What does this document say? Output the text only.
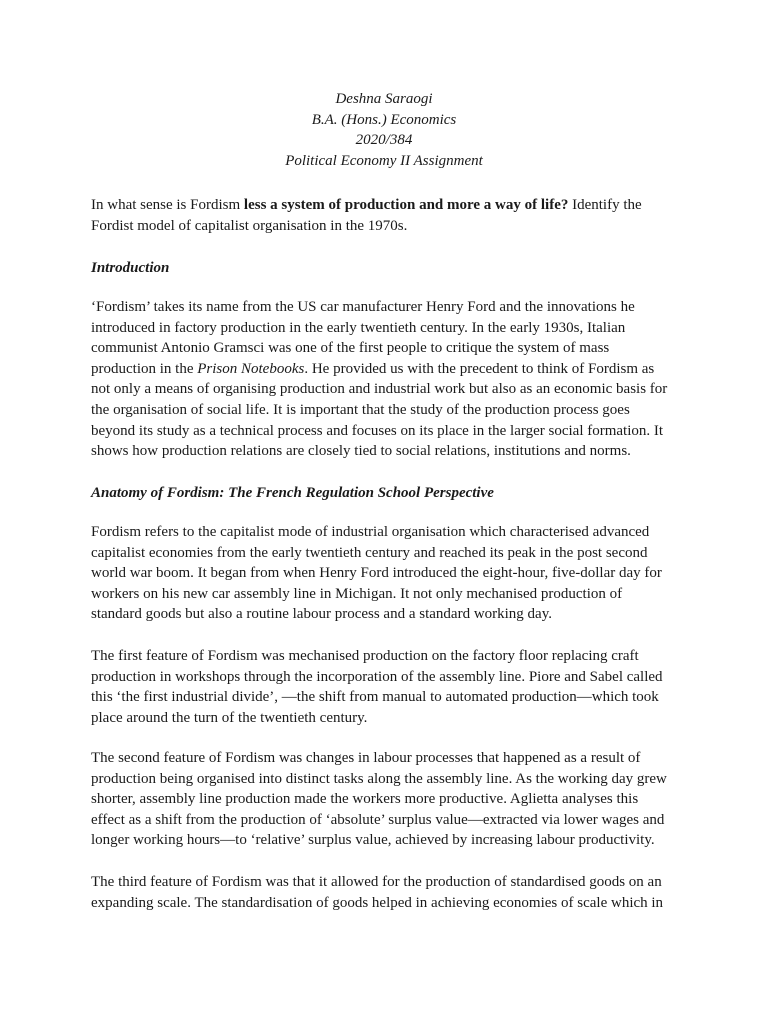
Deshna Saraogi
B.A. (Hons.) Economics
2020/384
Political Economy II Assignment

In what sense is Fordism less a system of production and more a way of life? Identify the
Fordist model of capitalist organisation in the 1970s.

Introduction

‘Fordism’ takes its name from the US car manufacturer Henry Ford and the innovations he
introduced in factory production in the early twentieth century. In the early 1930s, Italian
communist Antonio Gramsci was one of the first people to critique the system of mass
production in the Prison Notebooks. He provided us with the precedent to think of Fordism as
not only a means of organising production and industrial work but also as an economic basis for
the organisation of social life. It is important that the study of the production process goes
beyond its study as a technical process and focuses on its place in the larger social formation. It
shows how production relations are closely tied to social relations, institutions and norms.

Anatomy of Fordism: The French Regulation School Perspective

Fordism refers to the capitalist mode of industrial organisation which characterised advanced
capitalist economies from the early twentieth century and reached its peak in the post second
world war boom. It began from when Henry Ford introduced the eight-hour, five-dollar day for
workers on his new car assembly line in Michigan. It not only mechanised production of
standard goods but also a routine labour process and a standard working day.

The first feature of Fordism was mechanised production on the factory floor replacing craft
production in workshops through the incorporation of the assembly line. Piore and Sabel called
this ‘the first industrial divide’, —the shift from manual to automated production—which took
place around the turn of the twentieth century.

The second feature of Fordism was changes in labour processes that happened as a result of
production being organised into distinct tasks along the assembly line. As the working day grew
shorter, assembly line production made the workers more productive. Aglietta analyses this
effect as a shift from the production of ‘absolute’ surplus value—extracted via lower wages and
longer working hours—to ‘relative’ surplus value, achieved by increasing labour productivity.

The third feature of Fordism was that it allowed for the production of standardised goods on an
expanding scale. The standardisation of goods helped in achieving economies of scale which in
